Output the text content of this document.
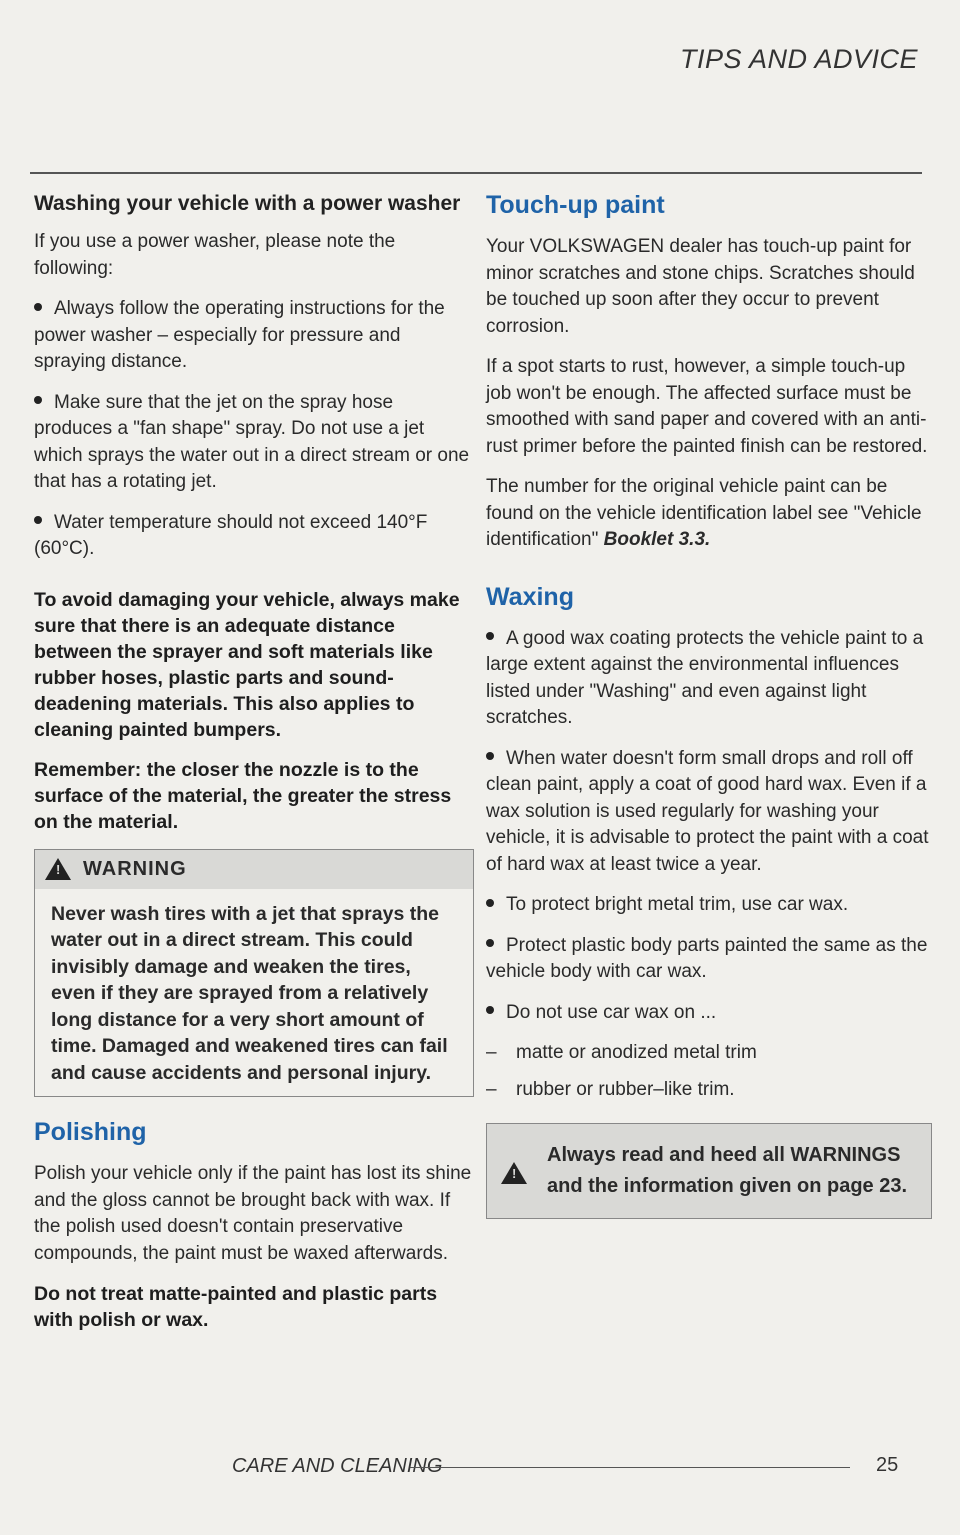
TIPS AND ADVICE
Washing your vehicle with a power washer

If you use a power washer, please note the following:

Always follow the operating instructions for the power washer – especially for pressure and spraying distance.

Make sure that the jet on the spray hose produces a "fan shape" spray. Do not use a jet which sprays the water out in a direct stream or one that has a rotating jet.

Water temperature should not exceed 140°F (60°C).

To avoid damaging your vehicle, always make sure that there is an adequate distance between the sprayer and soft materials like rubber hoses, plastic parts and sound-deadening materials. This also applies to cleaning painted bumpers.

Remember: the closer the nozzle is to the surface of the material, the greater the stress on the material.

!
WARNING
Never wash tires with a jet that sprays the water out in a direct stream. This could invisibly damage and weaken the tires, even if they are sprayed from a relatively long distance for a very short amount of time. Damaged and weakened tires can fail and cause accidents and personal injury.
Polishing

Polish your vehicle only if the paint has lost its shine and the gloss cannot be brought back with wax. If the polish used doesn't contain preservative compounds, the paint must be waxed afterwards.

Do not treat matte-painted and plastic parts with polish or wax.

Touch-up paint

Your VOLKSWAGEN dealer has touch-up paint for minor scratches and stone chips. Scratches should be touched up soon after they occur to prevent corrosion.

If a spot starts to rust, however, a simple touch-up job won't be enough. The affected surface must be smoothed with sand paper and covered with an anti-rust primer before the painted finish can be restored.

The number for the original vehicle paint can be found on the vehicle identification label see "Vehicle identification" Booklet 3.3.

Waxing

A good wax coating protects the vehicle paint to a large extent against the environmental influences listed under "Washing" and even against light scratches.

When water doesn't form small drops and roll off clean paint, apply a coat of good hard wax. Even if a wax solution is used regularly for washing your vehicle, it is advisable to protect the paint with a coat of hard wax at least twice a year.

To protect bright metal trim, use car wax.

Protect plastic body parts painted the same as the vehicle body with car wax.

Do not use car wax on ...

– matte or anodized metal trim

– rubber or rubber–like trim.

!
Always read and heed all WARNINGS and the information given on page 23.
CARE AND CLEANING	25
